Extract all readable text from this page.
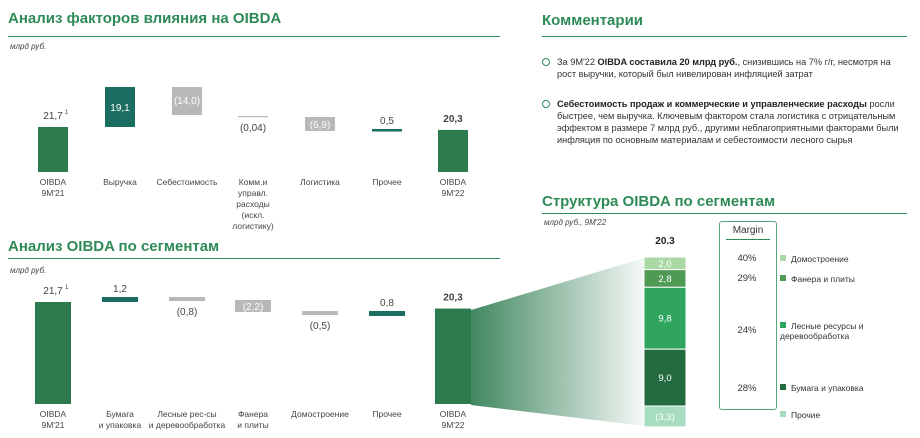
Анализ факторов влияния на OIBDA
млрд руб.
Анализ OIBDA по сегментам
млрд руб.
Комментарии
Структура OIBDA по сегментам
млрд руб., 9М'22
За 9М'22 OIBDA составила 20 млрд руб., снизившись на 7% г/г, несмотря на рост выручки, который был нивелирован инфляцией затрат
Себестоимость продаж и коммерческие и управленческие расходы росли быстрее, чем выручка. Ключевым фактором стала логистика с отрицательным эффектом в размере 7 млрд руб., другими неблагоприятными факторами были инфляция по основным материалам и себестоимости лесного сырья
Margin
40%
29%
24%
28%
Домостроение
Фанера и плиты
Лесные ресурсы и деревообработка
Бумага и упаковка
Прочие
21,7 1
OIBDA 9М'21
19,1
Выручка
(14,0)
Себестоимость
(0,04)
Комм.и управл. расходы (искл. логистику)
(6,9)
Логистика
0,5
Прочее
20,3
OIBDA 9М'22
21,7 1
OIBDA 9М'21
1,2
Бумага и упаковка
(0,8)
Лесные рес-сы и деревообработка
(2,2)
Фанера и плиты
(0,5)
Домостроение
0,8
Прочее
20,3
OIBDA 9М'22
2,0
2,8
9,8
9,0
(3,3)
20.3
